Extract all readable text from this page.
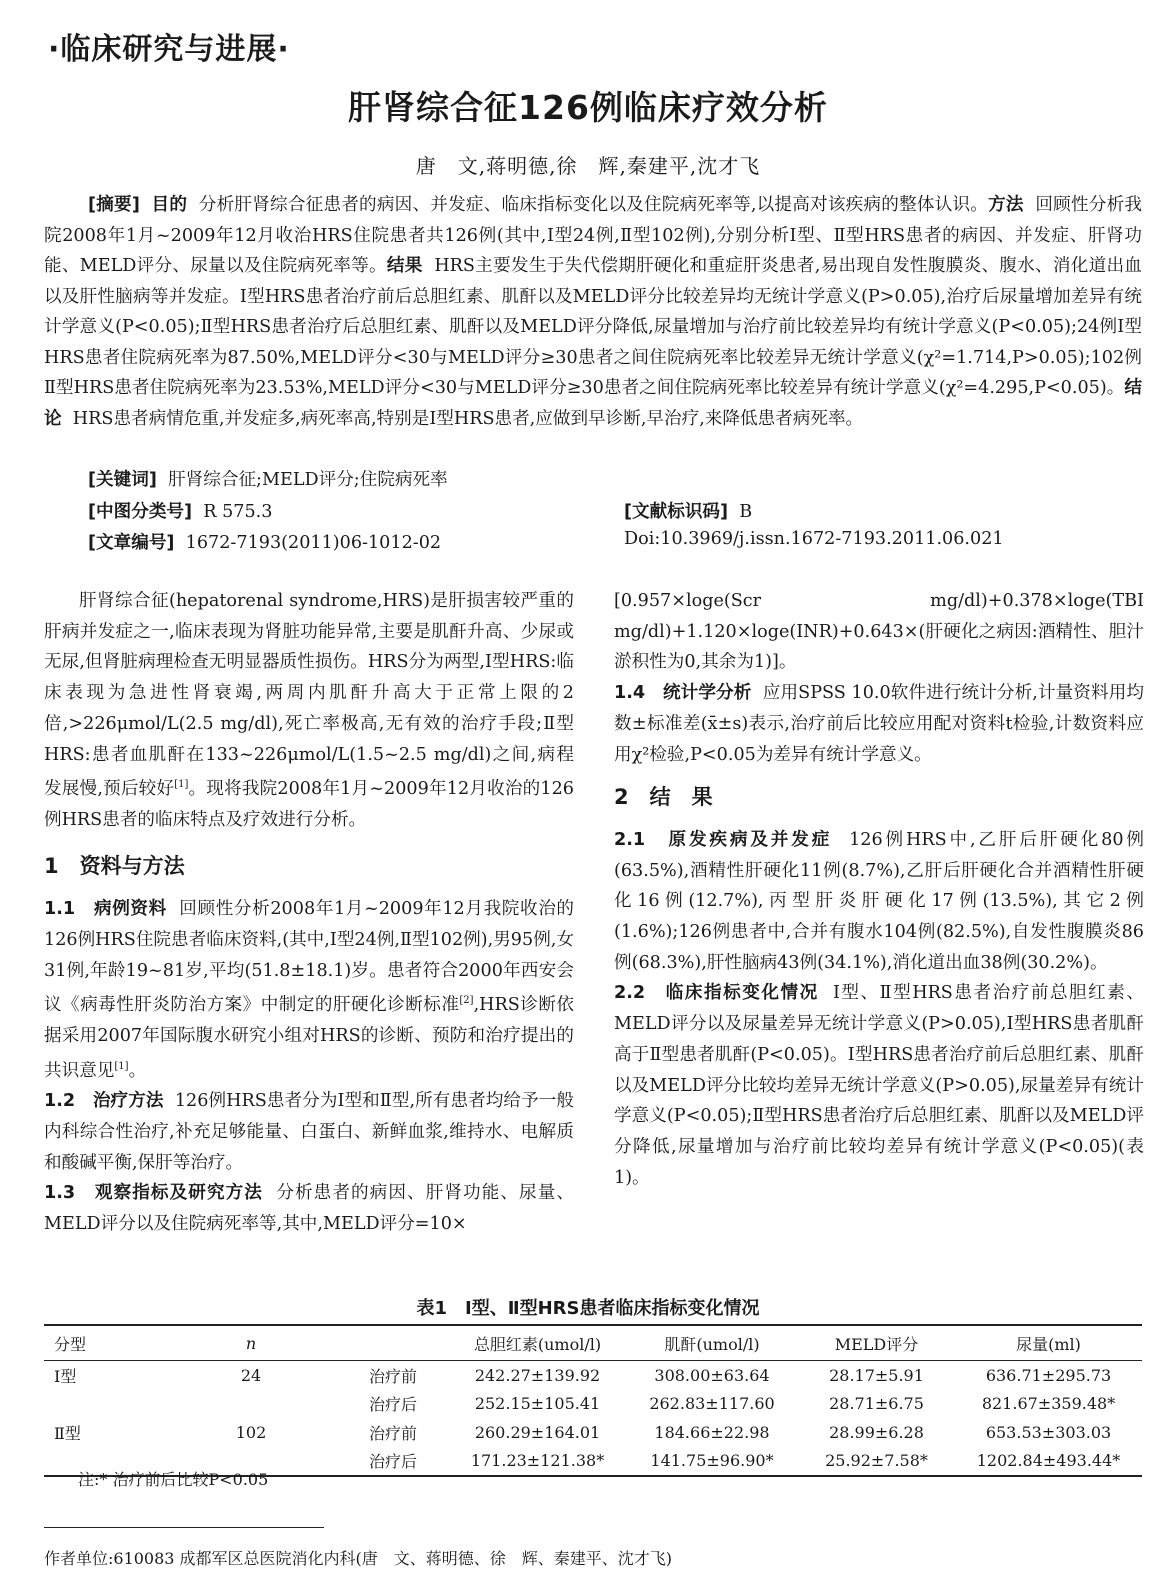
·临床研究与进展·
肝肾综合征126例临床疗效分析
唐　文,蒋明德,徐　辉,秦建平,沈才飞

[摘要] 目的 分析肝肾综合征患者的病因、并发症、临床指标变化以及住院病死率等,以提高对该疾病的整体认识。方法 回顾性分析我院2008年1月~2009年12月收治HRS住院患者共126例(其中,Ⅰ型24例,Ⅱ型102例),分别分析Ⅰ型、Ⅱ型HRS患者的病因、并发症、肝肾功能、MELD评分、尿量以及住院病死率等。结果 HRS主要发生于失代偿期肝硬化和重症肝炎患者,易出现自发性腹膜炎、腹水、消化道出血以及肝性脑病等并发症。Ⅰ型HRS患者治疗前后总胆红素、肌酐以及MELD评分比较差异均无统计学意义(P>0.05),治疗后尿量增加差异有统计学意义(P<0.05);Ⅱ型HRS患者治疗后总胆红素、肌酐以及MELD评分降低,尿量增加与治疗前比较差异均有统计学意义(P<0.05);24例Ⅰ型HRS患者住院病死率为87.50%,MELD评分<30与MELD评分≥30患者之间住院病死率比较差异无统计学意义(χ²=1.714,P>0.05);102例Ⅱ型HRS患者住院病死率为23.53%,MELD评分<30与MELD评分≥30患者之间住院病死率比较差异有统计学意义(χ²=4.295,P<0.05)。结论 HRS患者病情危重,并发症多,病死率高,特别是Ⅰ型HRS患者,应做到早诊断,早治疗,来降低患者病死率。

[关键词] 肝肾综合征;MELD评分;住院病死率
[中图分类号] R 575.3	[文献标识码] B
[文章编号] 1672-7193(2011)06-1012-02	Doi:10.3969/j.issn.1672-7193.2011.06.021

肝肾综合征(hepatorenal syndrome,HRS)是肝损害较严重的肝病并发症之一,临床表现为肾脏功能异常,主要是肌酐升高、少尿或无尿,但肾脏病理检查无明显器质性损伤。HRS分为两型,Ⅰ型HRS:临床表现为急进性肾衰竭,两周内肌酐升高大于正常上限的2倍,>226μmol/L(2.5 mg/dl),死亡率极高,无有效的治疗手段;Ⅱ型HRS:患者血肌酐在133~226μmol/L(1.5~2.5 mg/dl)之间,病程发展慢,预后较好[1]。现将我院2008年1月~2009年12月收治的126例HRS患者的临床特点及疗效进行分析。

1　资料与方法

1.1　病例资料 回顾性分析2008年1月~2009年12月我院收治的126例HRS住院患者临床资料,(其中,Ⅰ型24例,Ⅱ型102例),男95例,女31例,年龄19~81岁,平均(51.8±18.1)岁。患者符合2000年西安会议《病毒性肝炎防治方案》中制定的肝硬化诊断标准[2],HRS诊断依据采用2007年国际腹水研究小组对HRS的诊断、预防和治疗提出的共识意见[1]。

1.2　治疗方法 126例HRS患者分为Ⅰ型和Ⅱ型,所有患者均给予一般内科综合性治疗,补充足够能量、白蛋白、新鲜血浆,维持水、电解质和酸碱平衡,保肝等治疗。

1.3　观察指标及研究方法 分析患者的病因、肝肾功能、尿量、MELD评分以及住院病死率等,其中,MELD评分=10×

[0.957×loge(Scr mg/dl)+0.378×loge(TBI mg/dl)+1.120×loge(INR)+0.643×(肝硬化之病因:酒精性、胆汁淤积性为0,其余为1)]。

1.4　统计学分析 应用SPSS 10.0软件进行统计分析,计量资料用均数±标准差(x̄±s)表示,治疗前后比较应用配对资料t检验,计数资料应用χ²检验,P<0.05为差异有统计学意义。

2　结　果

2.1　原发疾病及并发症 126例HRS中,乙肝后肝硬化80例(63.5%),酒精性肝硬化11例(8.7%),乙肝后肝硬化合并酒精性肝硬化16例(12.7%),丙型肝炎肝硬化17例(13.5%),其它2例(1.6%);126例患者中,合并有腹水104例(82.5%),自发性腹膜炎86例(68.3%),肝性脑病43例(34.1%),消化道出血38例(30.2%)。

2.2　临床指标变化情况 Ⅰ型、Ⅱ型HRS患者治疗前总胆红素、MELD评分以及尿量差异无统计学意义(P>0.05),Ⅰ型HRS患者肌酐高于Ⅱ型患者肌酐(P<0.05)。Ⅰ型HRS患者治疗前后总胆红素、肌酐以及MELD评分比较均差异无统计学意义(P>0.05),尿量差异有统计学意义(P<0.05);Ⅱ型HRS患者治疗后总胆红素、肌酐以及MELD评分降低,尿量增加与治疗前比较均差异有统计学意义(P<0.05)(表1)。

表1　Ⅰ型、Ⅱ型HRS患者临床指标变化情况
分型	n		总胆红素(umol/l)	肌酐(umol/l)	MELD评分	尿量(ml)
Ⅰ型	24	治疗前	242.27±139.92	308.00±63.64	28.17±5.91	636.71±295.73
		治疗后	252.15±105.41	262.83±117.60	28.71±6.75	821.67±359.48*
Ⅱ型	102	治疗前	260.29±164.01	184.66±22.98	28.99±6.28	653.53±303.03
		治疗后	171.23±121.38*	141.75±96.90*	25.92±7.58*	1202.84±493.44*
注:* 治疗前后比较P<0.05
作者单位:610083 成都军区总医院消化内科(唐　文、蒋明德、徐　辉、秦建平、沈才飞)
